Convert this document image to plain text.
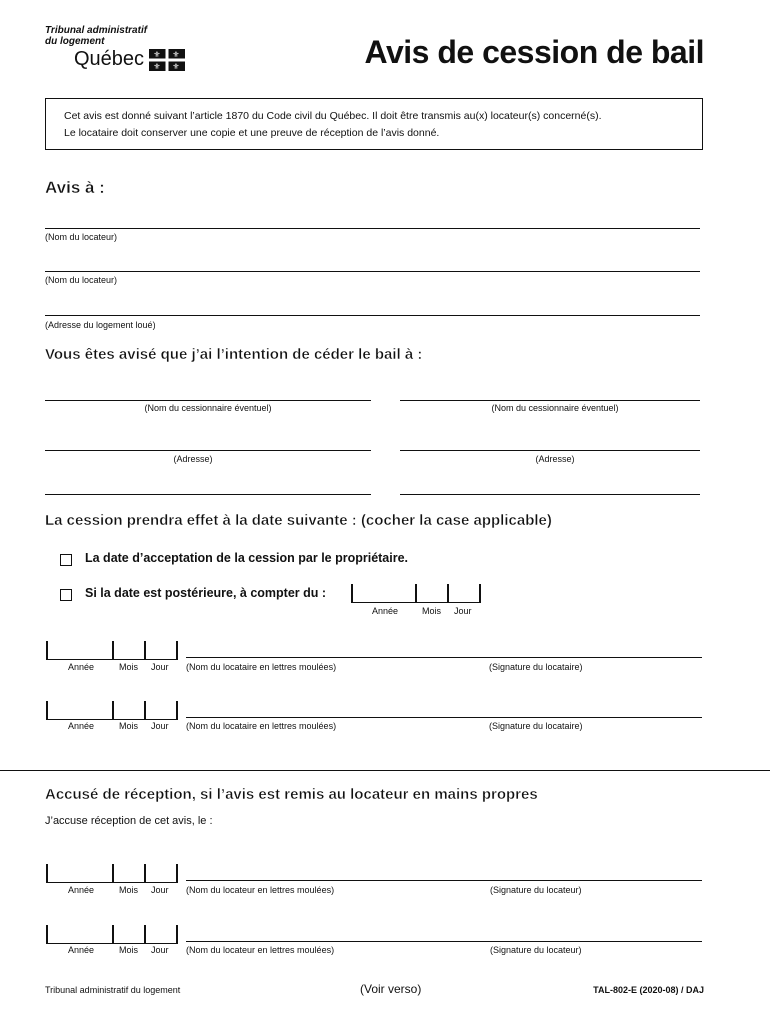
Tribunal administratif
du logement
Québec ⚜ ⚜
⚜ ⚜	Avis de cession de bail
Cet avis est donné suivant l’article 1870 du Code civil du Québec. Il doit être transmis au(x) locateur(s) concerné(s).
Le locataire doit conserver une copie et une preuve de réception de l’avis donné.
Avis à :
(Nom du locateur)
(Nom du locateur)
(Adresse du logement loué)
Vous êtes avisé que j’ai l’intention de céder le bail à :
(Nom du cessionnaire éventuel)	(Nom du cessionnaire éventuel)
(Adresse)	(Adresse)
La cession prendra effet à la date suivante : (cocher la case applicable)
La date d’acceptation de la cession par le propriétaire.
Si la date est postérieure, à compter du :
Année	Mois Jour
Année	Mois Jour (Nom du locataire en lettres moulées)	(Signature du locataire)
Année	Mois Jour (Nom du locataire en lettres moulées)	(Signature du locataire)
Accusé de réception, si l’avis est remis au locateur en mains propres
J’accuse réception de cet avis, le :
Année	Mois Jour (Nom du locateur en lettres moulées)	(Signature du locateur)
Année	Mois Jour (Nom du locateur en lettres moulées)	(Signature du locateur)
Tribunal administratif du logement	(Voir verso)	TAL-802-E (2020-08) / DAJ
